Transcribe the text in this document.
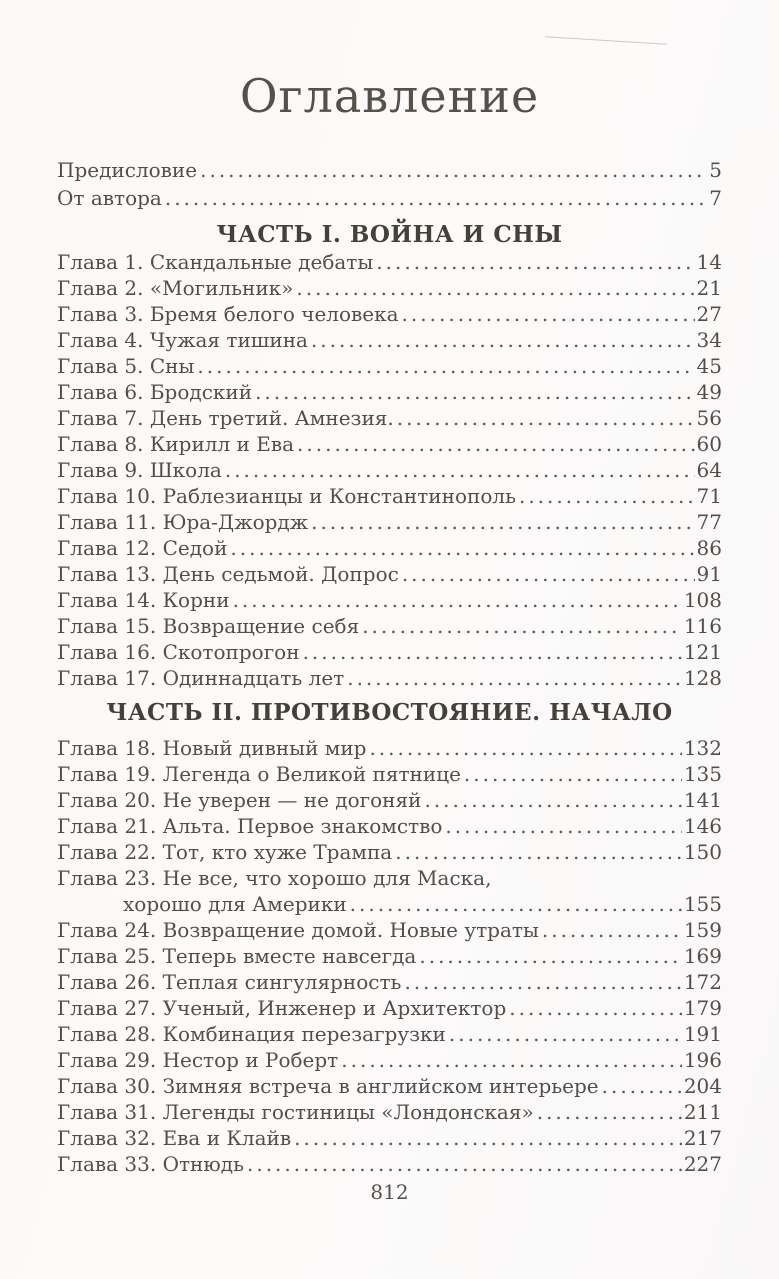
Оглавление
Предисловие .....	5
От автора .....	7
ЧАСТЬ I. ВОЙНА И СНЫ
Глава 1. Скандальные дебаты .....	14
Глава 2. «Могильник» .....	21
Глава 3. Бремя белого человека .....	27
Глава 4. Чужая тишина .....	34
Глава 5. Сны .....	45
Глава 6. Бродский .....	49
Глава 7. День третий. Амнезия. .....	56
Глава 8. Кирилл и Ева .....	60
Глава 9. Школа .....	64
Глава 10. Раблезианцы и Константинополь .....	71
Глава 11. Юра-Джордж .....	77
Глава 12. Седой .....	86
Глава 13. День седьмой. Допрос .....	91
Глава 14. Корни .....	108
Глава 15. Возвращение себя .....	116
Глава 16. Скотопрогон .....	121
Глава 17. Одиннадцать лет .....	128
ЧАСТЬ II. ПРОТИВОСТОЯНИЕ. НАЧАЛО
Глава 18. Новый дивный мир .....	132
Глава 19. Легенда о Великой пятнице .....	135
Глава 20. Не уверен — не догоняй .....	141
Глава 21. Альта. Первое знакомство .....	146
Глава 22. Тот, кто хуже Трампа .....	150
Глава 23. Не все, что хорошо для Маска,
хорошо для Америки .....	155
Глава 24. Возвращение домой. Новые утраты .....	159
Глава 25. Теперь вместе навсегда .....	169
Глава 26. Теплая сингулярность .....	172
Глава 27. Ученый, Инженер и Архитектор .....	179
Глава 28. Комбинация перезагрузки .....	191
Глава 29. Нестор и Роберт .....	196
Глава 30. Зимняя встреча в английском интерьере .....	204
Глава 31. Легенды гостиницы «Лондонская» .....	211
Глава 32. Ева и Клайв .....	217
Глава 33. Отнюдь .....	227
812
